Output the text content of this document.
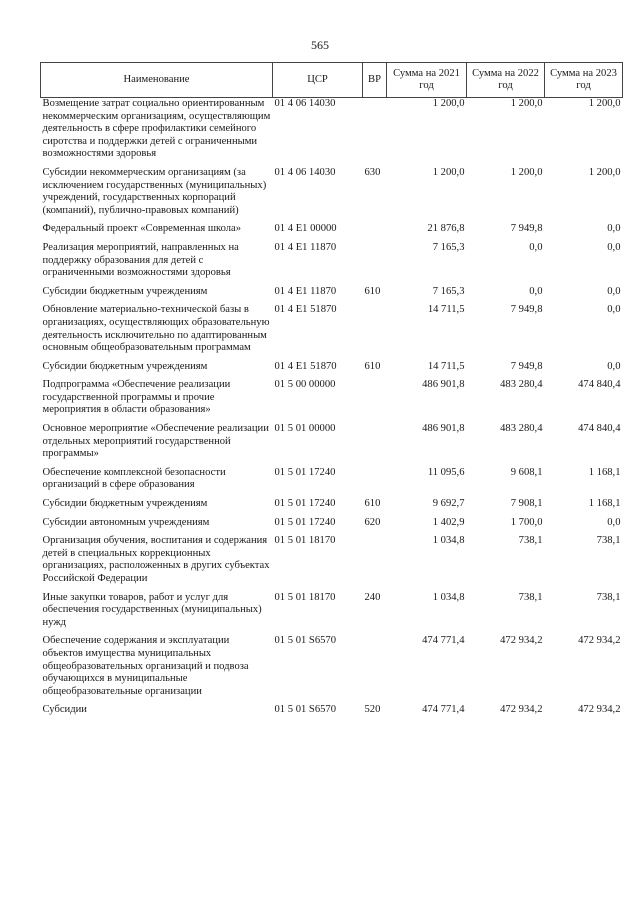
565
Наименование	ЦСР	ВР	Сумма на 2021 год	Сумма на 2022 год	Сумма на 2023 год
Возмещение затрат социально ориентированным некоммерческим организациям, осуществляющим деятельность в сфере профилактики семейного сиротства и поддержки детей с ограниченными возможностями здоровья	01 4 06 14030		1 200,0	1 200,0	1 200,0
Субсидии некоммерческим организациям (за исключением государственных (муниципальных) учреждений, государственных корпораций (компаний), публично-правовых компаний)	01 4 06 14030	630	1 200,0	1 200,0	1 200,0
Федеральный проект «Современная школа»	01 4 E1 00000		21 876,8	7 949,8	0,0
Реализация мероприятий, направленных на поддержку образования для детей с ограниченными возможностями здоровья	01 4 E1 11870		7 165,3	0,0	0,0
Субсидии бюджетным учреждениям	01 4 E1 11870	610	7 165,3	0,0	0,0
Обновление материально-технической базы в организациях, осуществляющих образовательную деятельность исключительно по адаптированным основным общеобразовательным программам	01 4 E1 51870		14 711,5	7 949,8	0,0
Субсидии бюджетным учреждениям	01 4 E1 51870	610	14 711,5	7 949,8	0,0
Подпрограмма «Обеспечение реализации государственной программы и прочие мероприятия в области образования»	01 5 00 00000		486 901,8	483 280,4	474 840,4
Основное мероприятие «Обеспечение реализации отдельных мероприятий государственной программы»	01 5 01 00000		486 901,8	483 280,4	474 840,4
Обеспечение комплексной безопасности организаций в сфере образования	01 5 01 17240		11 095,6	9 608,1	1 168,1
Субсидии бюджетным учреждениям	01 5 01 17240	610	9 692,7	7 908,1	1 168,1
Субсидии автономным учреждениям	01 5 01 17240	620	1 402,9	1 700,0	0,0
Организация обучения, воспитания и содержания детей в специальных коррекционных организациях, расположенных в других субъектах Российской Федерации	01 5 01 18170		1 034,8	738,1	738,1
Иные закупки товаров, работ и услуг для обеспечения государственных (муниципальных) нужд	01 5 01 18170	240	1 034,8	738,1	738,1
Обеспечение содержания и эксплуатации объектов имущества муниципальных общеобразовательных организаций и подвоза обучающихся в муниципальные общеобразовательные организации	01 5 01 S6570		474 771,4	472 934,2	472 934,2
Субсидии	01 5 01 S6570	520	474 771,4	472 934,2	472 934,2
